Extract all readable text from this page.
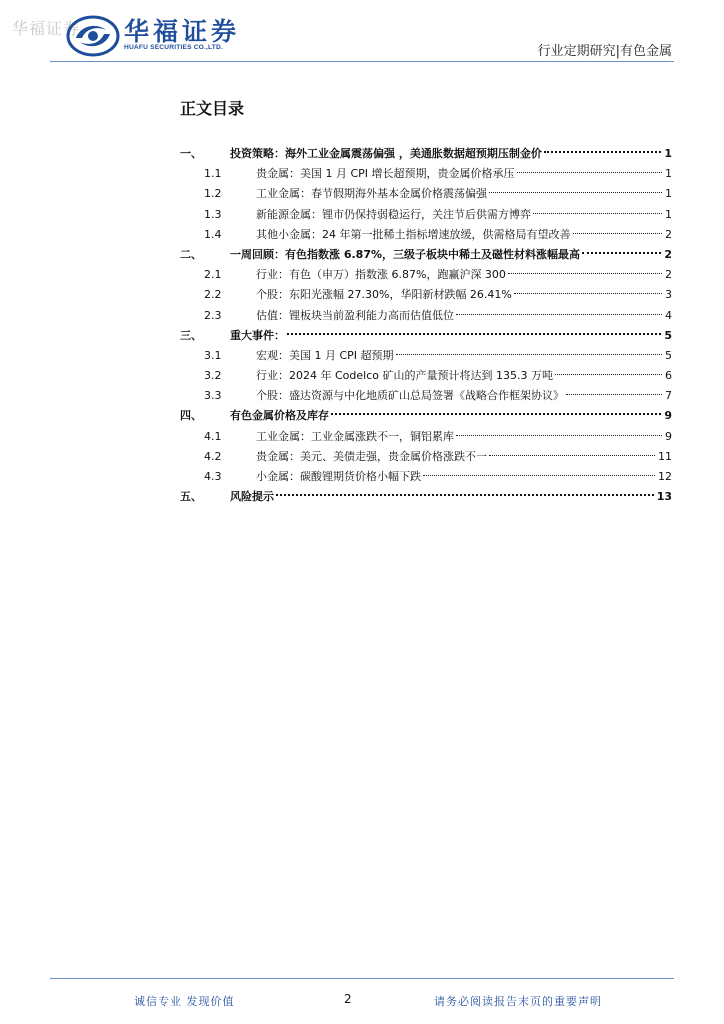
华福证券 华福证券
HUAFU SECURITIES CO.,LTD.	行业定期研究|有色金属
正文目录
一、	投资策略：海外工业金属震荡偏强 ，美通胀数据超预期压制金价	1
1.1	贵金属：美国 1 月 CPI 增长超预期，贵金属价格承压	1
1.2	工业金属：春节假期海外基本金属价格震荡偏强	1
1.3	新能源金属：锂市仍保持弱稳运行，关注节后供需方博弈	1
1.4	其他小金属：24 年第一批稀土指标增速放缓，供需格局有望改善	2
二、	一周回顾：有色指数涨 6.87%，三级子板块中稀土及磁性材料涨幅最高	2
2.1	行业：有色（申万）指数涨 6.87%，跑赢沪深 300	2
2.2	个股：东阳光涨幅 27.30%，华阳新材跌幅 26.41%	3
2.3	估值：锂板块当前盈利能力高而估值低位	4
三、	重大事件：	5
3.1	宏观：美国 1 月 CPI 超预期	5
3.2	行业：2024 年 Codelco 矿山的产量预计将达到 135.3 万吨	6
3.3	个股：盛达资源与中化地质矿山总局签署《战略合作框架协议》	7
四、	有色金属价格及库存	9
4.1	工业金属：工业金属涨跌不一，铜铝累库	9
4.2	贵金属：美元、美债走强，贵金属价格涨跌不一	11
4.3	小金属：碳酸锂期货价格小幅下跌	12
五、	风险提示	13
诚信专业 发现价值	2	请务必阅读报告末页的重要声明
